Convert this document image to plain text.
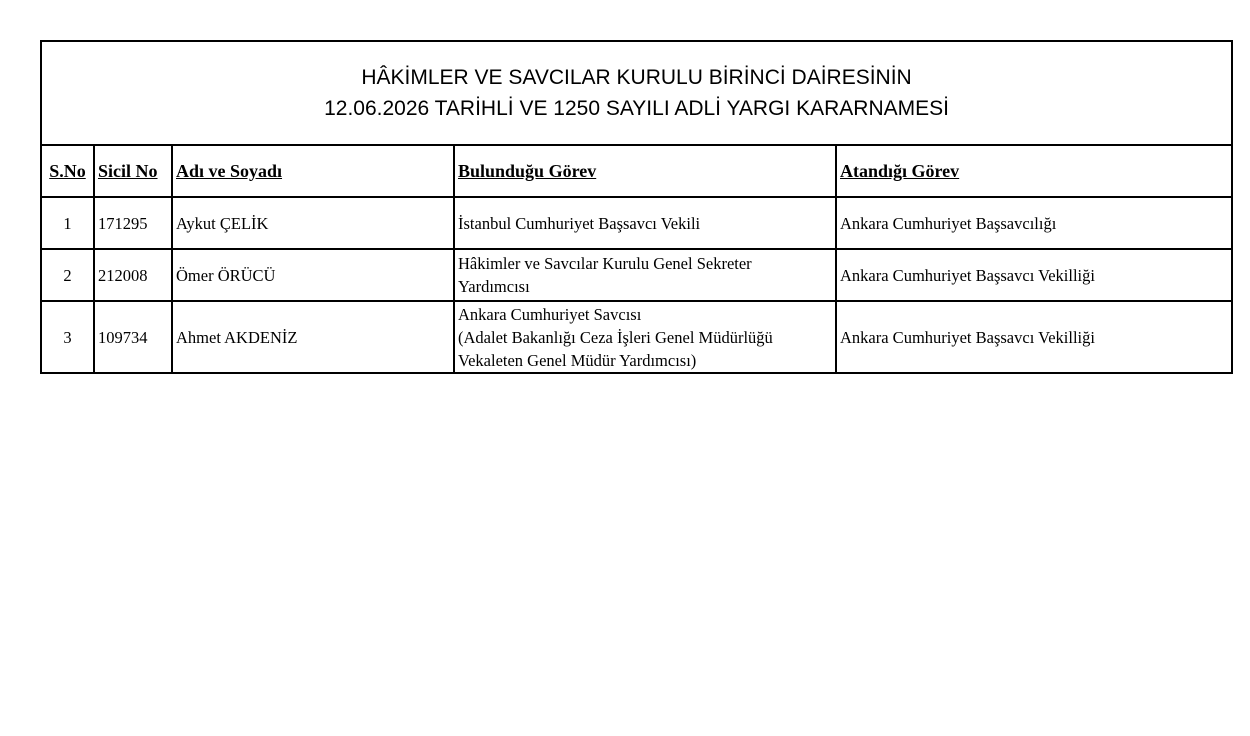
HÂKİMLER VE SAVCILAR KURULU BİRİNCİ DAİRESİNİN
12.06.2026 TARİHLİ VE 1250 SAYILI ADLİ YARGI KARARNAMESİ				

S.No	Sicil No	Adı ve Soyadı	Bulunduğu Görev	Atandığı Görev
1	171295	Aykut ÇELİK	İstanbul Cumhuriyet Başsavcı Vekili	Ankara Cumhuriyet Başsavcılığı
2	212008	Ömer ÖRÜCÜ	Hâkimler ve Savcılar Kurulu Genel Sekreter
Yardımcısı	Ankara Cumhuriyet Başsavcı Vekilliği
3	109734	Ahmet AKDENİZ	Ankara Cumhuriyet Savcısı
(Adalet Bakanlığı Ceza İşleri Genel Müdürlüğü
Vekaleten Genel Müdür Yardımcısı)	Ankara Cumhuriyet Başsavcı Vekilliği
